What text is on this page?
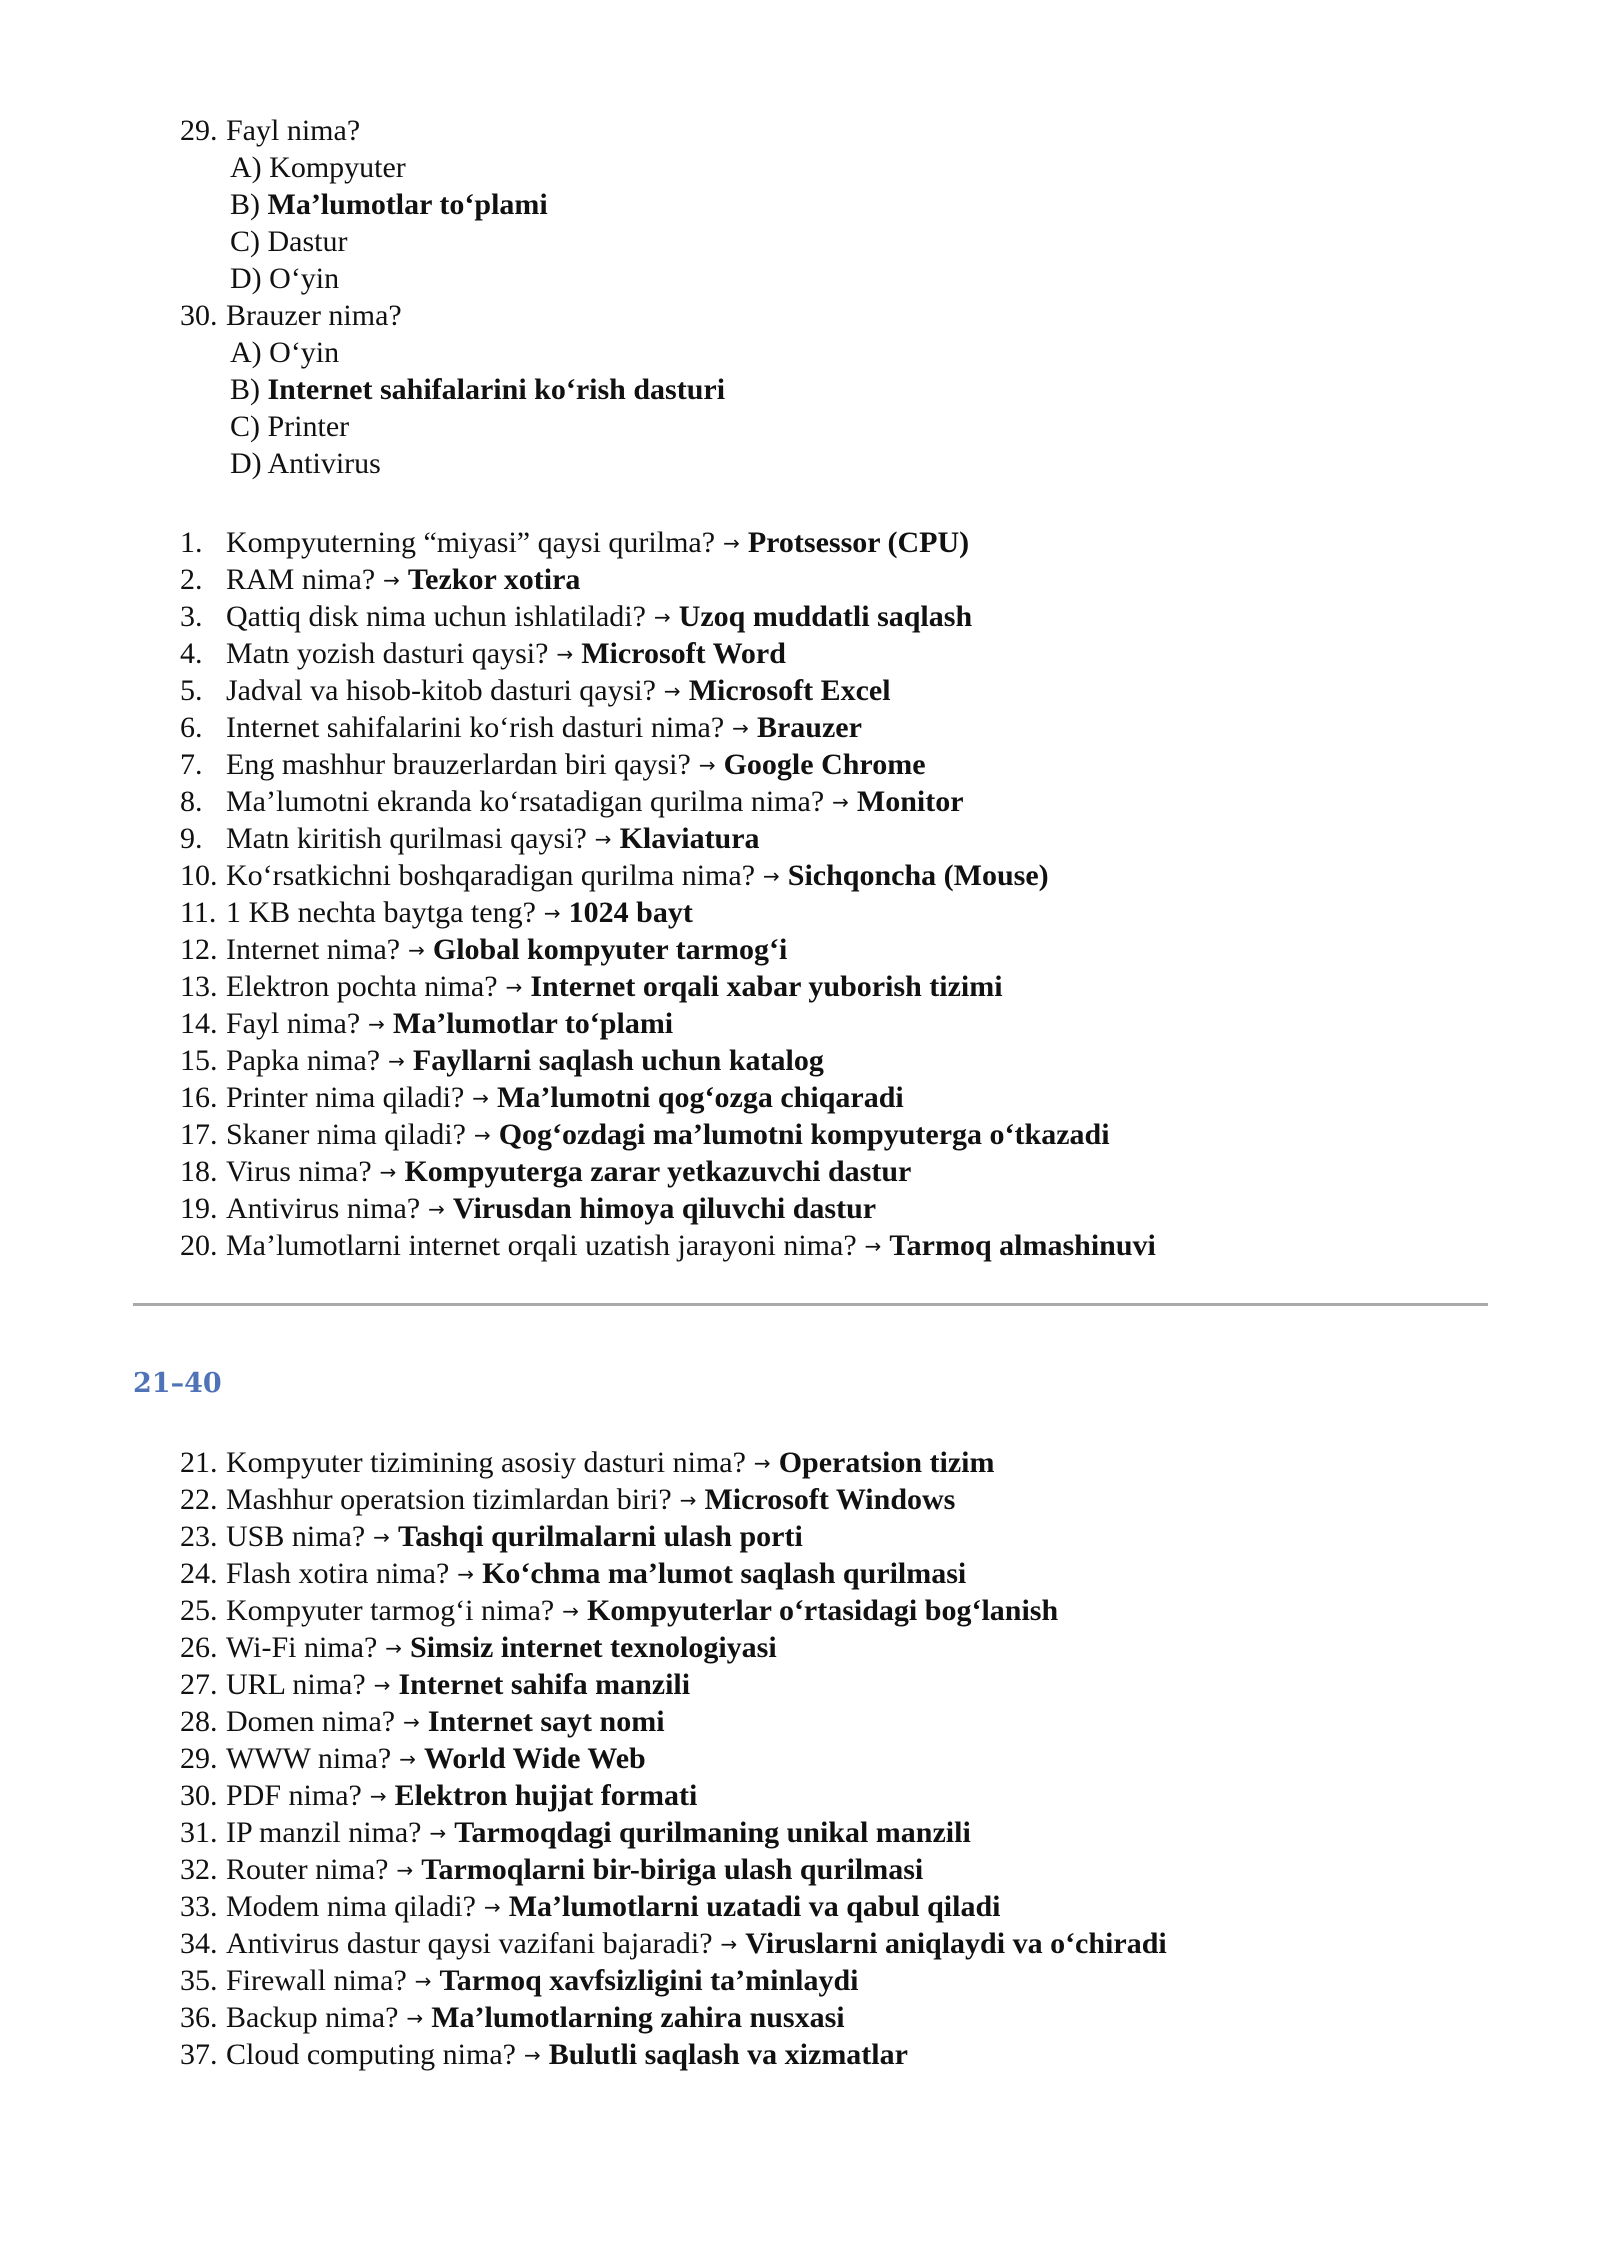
29. Fayl nima?
A) Kompyuter
B) Ma’lumotlar to‘plami
C) Dastur
D) O‘yin
30. Brauzer nima?
A) O‘yin
B) Internet sahifalarini ko‘rish dasturi
C) Printer
D) Antivirus
1. Kompyuterning “miyasi” qaysi qurilma? → Protsessor (CPU)
2. RAM nima? → Tezkor xotira
3. Qattiq disk nima uchun ishlatiladi? → Uzoq muddatli saqlash
4. Matn yozish dasturi qaysi? → Microsoft Word
5. Jadval va hisob-kitob dasturi qaysi? → Microsoft Excel
6. Internet sahifalarini ko‘rish dasturi nima? → Brauzer
7. Eng mashhur brauzerlardan biri qaysi? → Google Chrome
8. Ma’lumotni ekranda ko‘rsatadigan qurilma nima? → Monitor
9. Matn kiritish qurilmasi qaysi? → Klaviatura
10. Ko‘rsatkichni boshqaradigan qurilma nima? → Sichqoncha (Mouse)
11. 1 KB nechta baytga teng? → 1024 bayt
12. Internet nima? → Global kompyuter tarmog‘i
13. Elektron pochta nima? → Internet orqali xabar yuborish tizimi
14. Fayl nima? → Ma’lumotlar to‘plami
15. Papka nima? → Fayllarni saqlash uchun katalog
16. Printer nima qiladi? → Ma’lumotni qog‘ozga chiqaradi
17. Skaner nima qiladi? → Qog‘ozdagi ma’lumotni kompyuterga o‘tkazadi
18. Virus nima? → Kompyuterga zarar yetkazuvchi dastur
19. Antivirus nima? → Virusdan himoya qiluvchi dastur
20. Ma’lumotlarni internet orqali uzatish jarayoni nima? → Tarmoq almashinuvi
21–40
21. Kompyuter tizimining asosiy dasturi nima? → Operatsion tizim
22. Mashhur operatsion tizimlardan biri? → Microsoft Windows
23. USB nima? → Tashqi qurilmalarni ulash porti
24. Flash xotira nima? → Ko‘chma ma’lumot saqlash qurilmasi
25. Kompyuter tarmog‘i nima? → Kompyuterlar o‘rtasidagi bog‘lanish
26. Wi-Fi nima? → Simsiz internet texnologiyasi
27. URL nima? → Internet sahifa manzili
28. Domen nima? → Internet sayt nomi
29. WWW nima? → World Wide Web
30. PDF nima? → Elektron hujjat formati
31. IP manzil nima? → Tarmoqdagi qurilmaning unikal manzili
32. Router nima? → Tarmoqlarni bir-biriga ulash qurilmasi
33. Modem nima qiladi? → Ma’lumotlarni uzatadi va qabul qiladi
34. Antivirus dastur qaysi vazifani bajaradi? → Viruslarni aniqlaydi va o‘chiradi
35. Firewall nima? → Tarmoq xavfsizligini ta’minlaydi
36. Backup nima? → Ma’lumotlarning zahira nusxasi
37. Cloud computing nima? → Bulutli saqlash va xizmatlar
